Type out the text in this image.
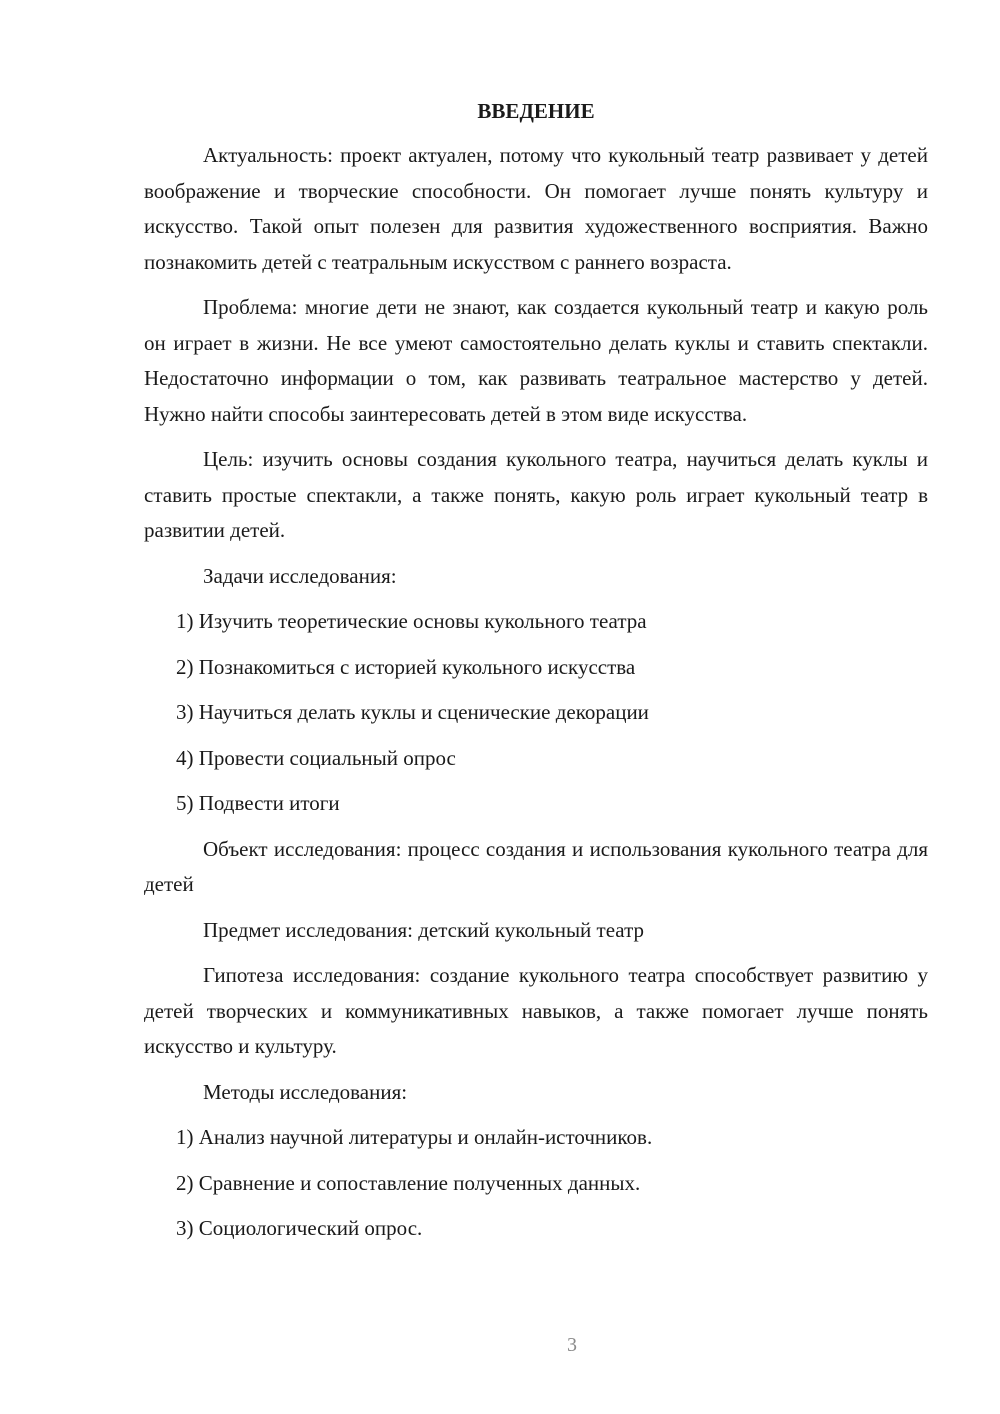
ВВЕДЕНИЕ

Актуальность: проект актуален, потому что кукольный театр развивает у детей воображение и творческие способности. Он помогает лучше понять культуру и искусство. Такой опыт полезен для развития художественного восприятия. Важно познакомить детей с театральным искусством с раннего возраста.

Проблема: многие дети не знают, как создается кукольный театр и какую роль он играет в жизни. Не все умеют самостоятельно делать куклы и ставить спектакли. Недостаточно информации о том, как развивать театральное мастерство у детей. Нужно найти способы заинтересовать детей в этом виде искусства.

Цель: изучить основы создания кукольного театра, научиться делать куклы и ставить простые спектакли, а также понять, какую роль играет кукольный театр в развитии детей.

Задачи исследования:

1) Изучить теоретические основы кукольного театра
2) Познакомиться с историей кукольного искусства
3) Научиться делать куклы и сценические декорации
4) Провести социальный опрос
5) Подвести итоги

Объект исследования: процесс создания и использования кукольного театра для детей

Предмет исследования: детский кукольный театр

Гипотеза исследования: создание кукольного театра способствует развитию у детей творческих и коммуникативных навыков, а также помогает лучше понять искусство и культуру.

Методы исследования:

1) Анализ научной литературы и онлайн-источников.
2) Сравнение и сопоставление полученных данных.
3) Социологический опрос.
3
